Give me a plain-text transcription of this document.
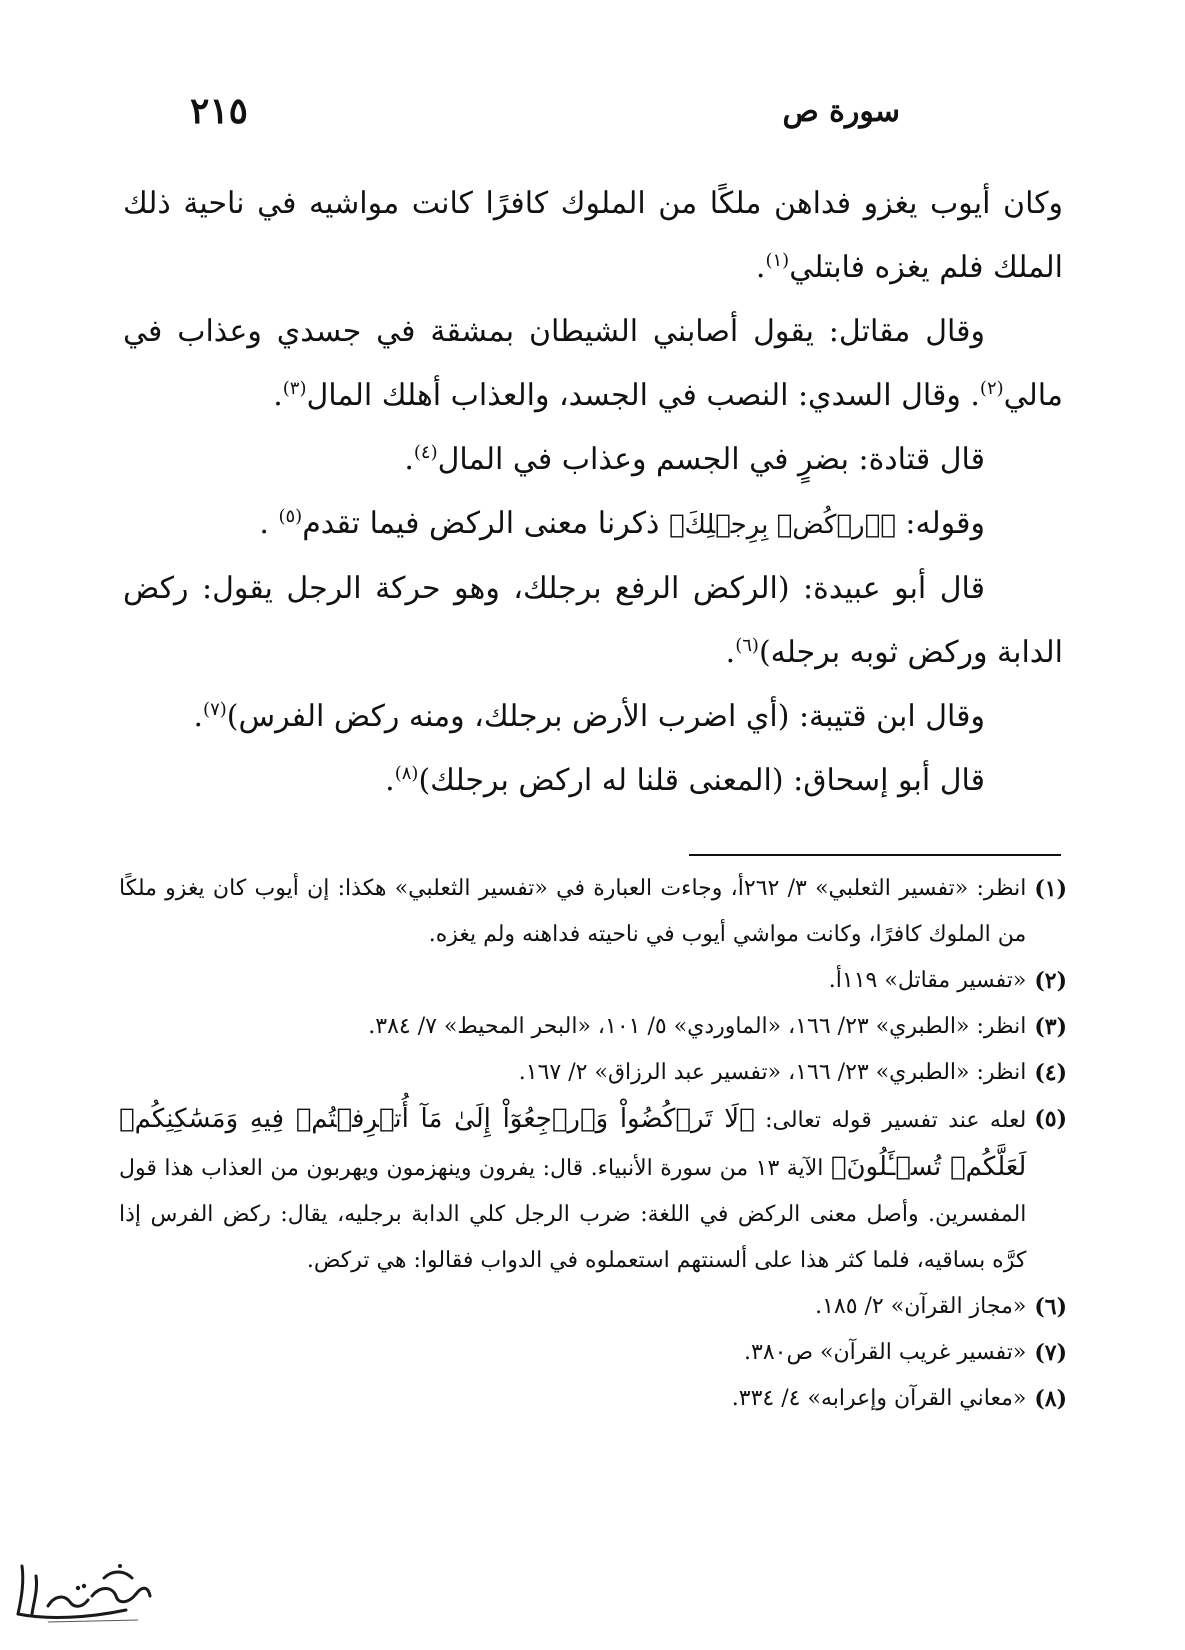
سورة ص
٢١٥

وكان أيوب يغزو فداهن ملكًا من الملوك كافرًا كانت مواشيه في ناحية ذلك الملك فلم يغزه فابتلي$^{(١)}$.

وقال مقاتل: يقول أصابني الشيطان بمشقة في جسدي وعذاب في مالي$^{(٢)}$. وقال السدي: النصب في الجسد، والعذاب أهلك المال$^{(٣)}$.

قال قتادة: بضرٍ في الجسم وعذاب في المال$^{(٤)}$.

وقوله: ﴿ٱرۡكُضۡ بِرِجۡلِكَ﴾ ذكرنا معنى الركض فيما تقدم$^{(٥)}$ .

قال أبو عبيدة: (الركض الرفع برجلك، وهو حركة الرجل يقول: ركض الدابة وركض ثوبه برجله)$^{(٦)}$.

وقال ابن قتيبة: (أي اضرب الأرض برجلك، ومنه ركض الفرس)$^{(٧)}$.

قال أبو إسحاق: (المعنى قلنا له اركض برجلك)$^{(٨)}$.

(١)
انظر: «تفسير الثعلبي» ٣/ ٢٦٢أ، وجاءت العبارة في «تفسير الثعلبي» هكذا: إن أيوب كان يغزو ملكًا من الملوك كافرًا، وكانت مواشي أيوب في ناحيته فداهنه ولم يغزه.
(٢)
«تفسير مقاتل» ١١٩أ.
(٣)
انظر: «الطبري» ٢٣/ ١٦٦، «الماوردي» ٥/ ١٠١، «البحر المحيط» ٧/ ٣٨٤.
(٤)
انظر: «الطبري» ٢٣/ ١٦٦، «تفسير عبد الرزاق» ٢/ ١٦٧.
(٥)
لعله عند تفسير قوله تعالى: ﴿لَا تَرۡكُضُواْ وَٱرۡجِعُوٓاْ إِلَىٰ مَآ أُتۡرِفۡتُمۡ فِيهِ وَمَسَٰكِنِكُمۡ لَعَلَّكُمۡ تُسۡـَٔلُونَ﴾ الآية ١٣ من سورة الأنبياء. قال: يفرون وينهزمون ويهربون من العذاب هذا قول المفسرين. وأصل معنى الركض في اللغة: ضرب الرجل كلي الدابة برجليه، يقال: ركض الفرس إذا كرَّه بساقيه، فلما كثر هذا على ألسنتهم استعملوه في الدواب فقالوا: هي تركض.
(٦)
«مجاز القرآن» ٢/ ١٨٥.
(٧)
«تفسير غريب القرآن» ص٣٨٠.
(٨)
«معاني القرآن وإعرابه» ٤/ ٣٣٤.
